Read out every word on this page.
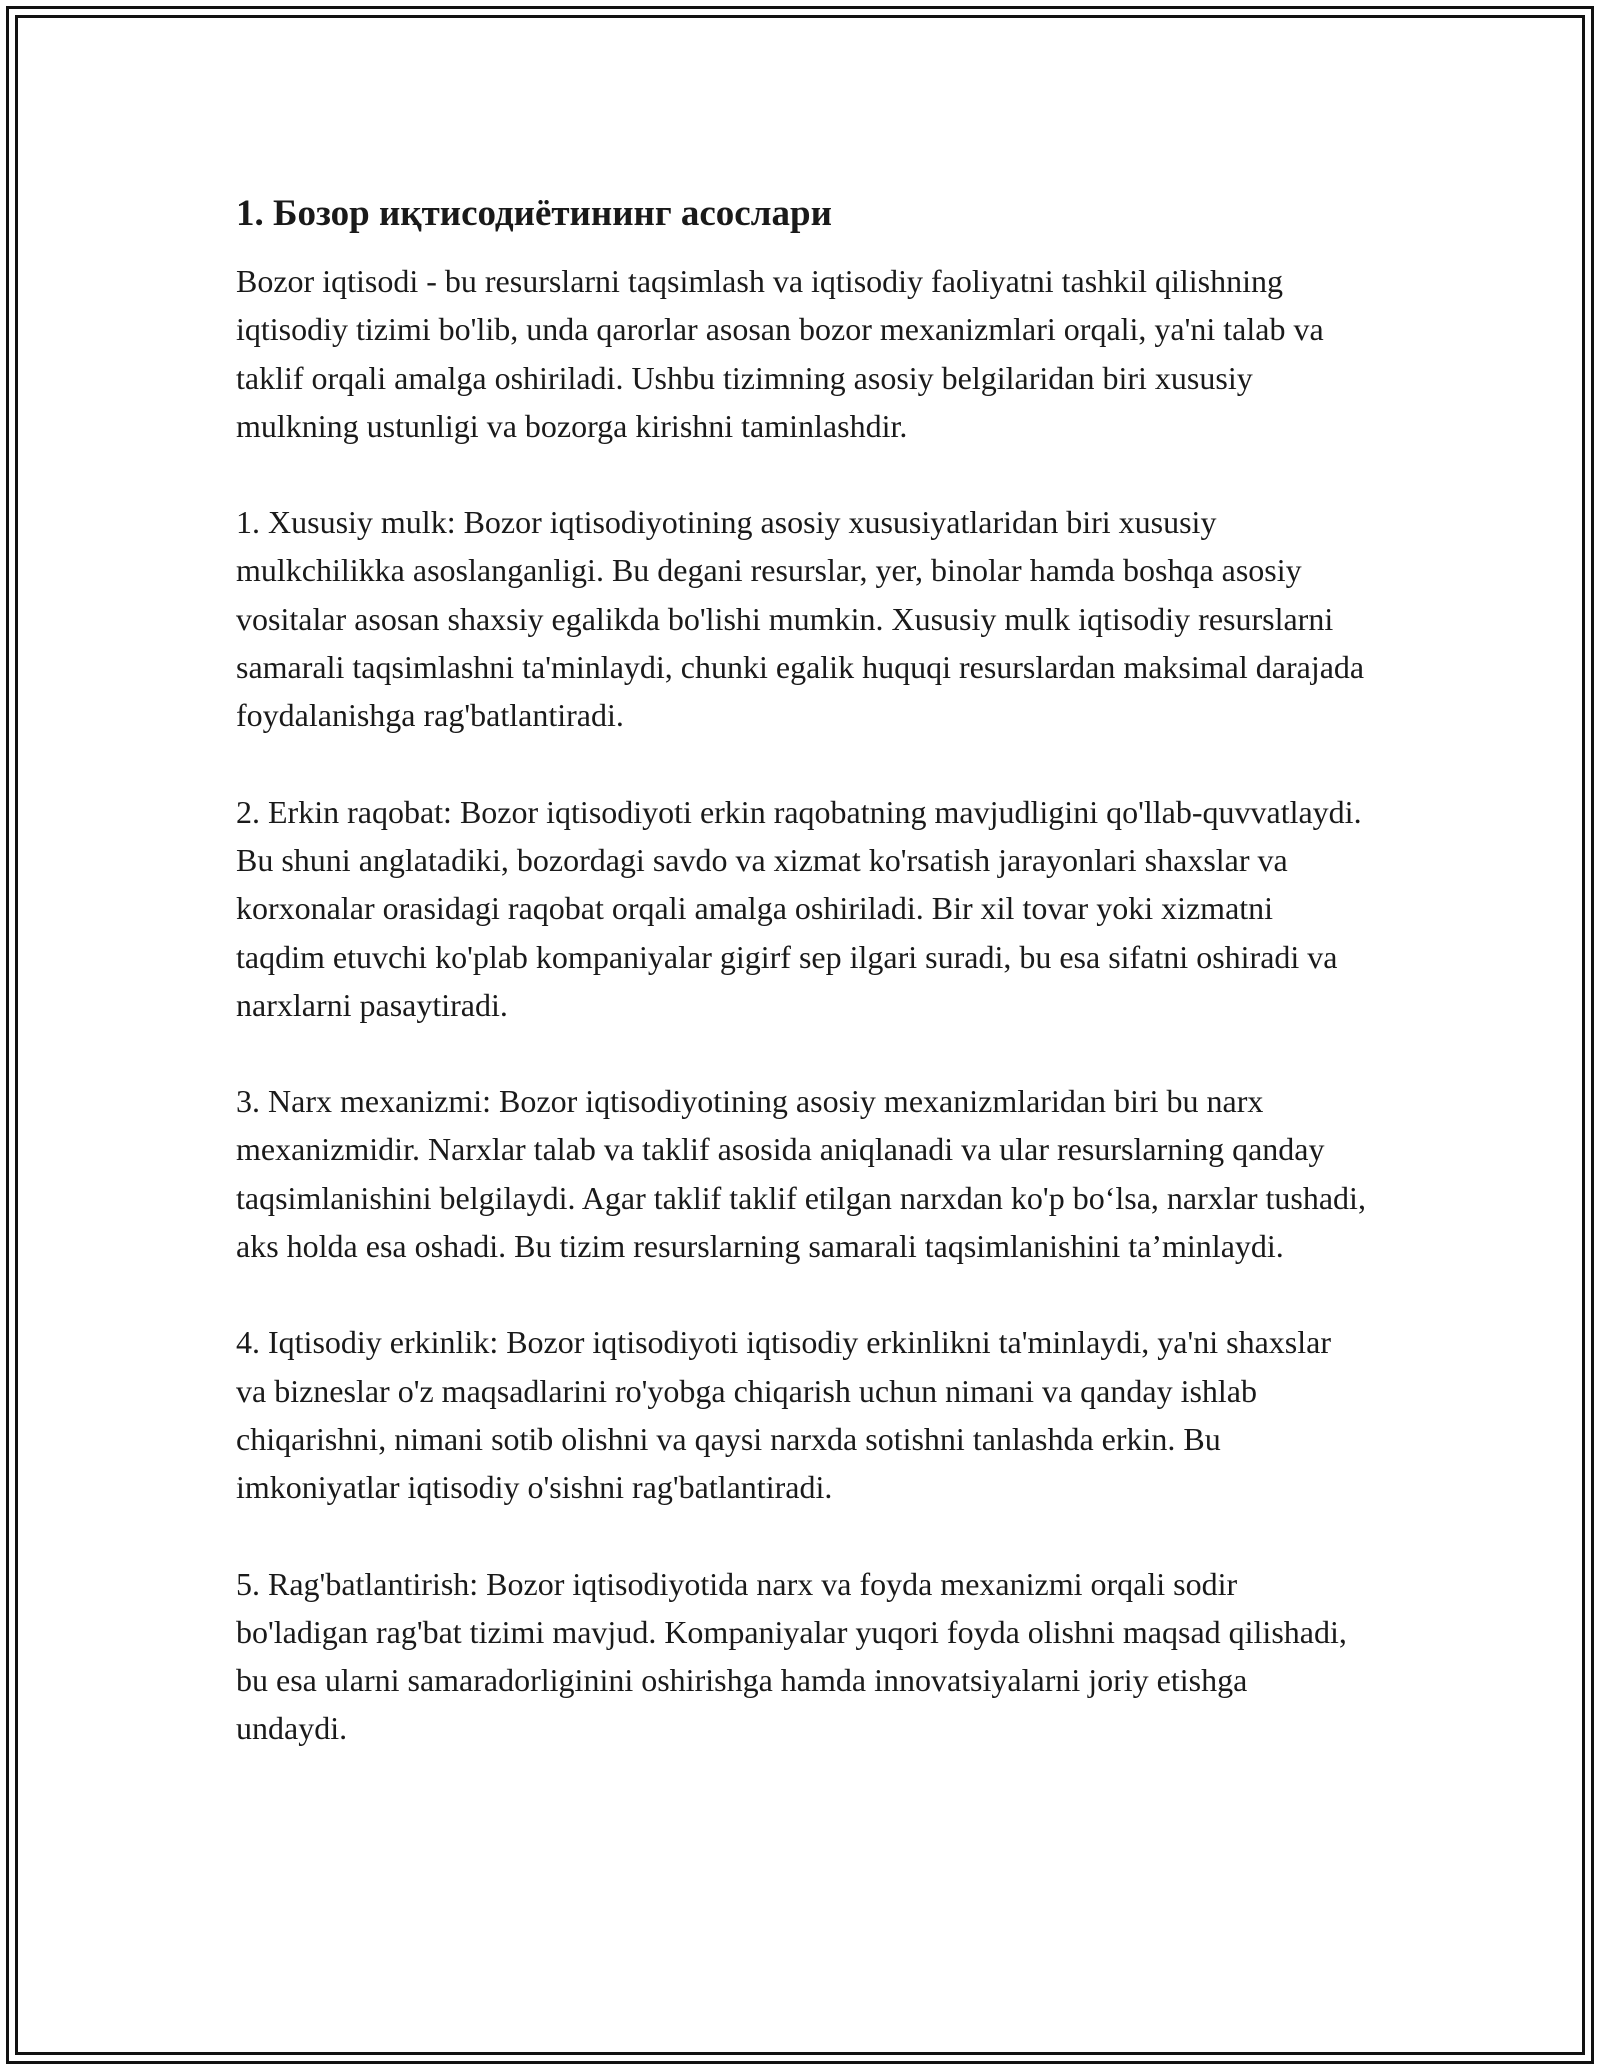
1. Бозор иқтисодиётининг асослари

Bozor iqtisodi - bu resurslarni taqsimlash va iqtisodiy faoliyatni tashkil qilishning iqtisodiy tizimi bo'lib, unda qarorlar asosan bozor mexanizmlari orqali, ya'ni talab va taklif orqali amalga oshiriladi. Ushbu tizimning asosiy belgilaridan biri xususiy mulkning ustunligi va bozorga kirishni taminlashdir.

1. Xususiy mulk: Bozor iqtisodiyotining asosiy xususiyatlaridan biri xususiy mulkchilikka asoslanganligi. Bu degani resurslar, yer, binolar hamda boshqa asosiy vositalar asosan shaxsiy egalikda bo'lishi mumkin. Xususiy mulk iqtisodiy resurslarni samarali taqsimlashni ta'minlaydi, chunki egalik huquqi resurslardan maksimal darajada foydalanishga rag'batlantiradi.

2. Erkin raqobat: Bozor iqtisodiyoti erkin raqobatning mavjudligini qo'llab-quvvatlaydi. Bu shuni anglatadiki, bozordagi savdo va xizmat ko'rsatish jarayonlari shaxslar va korxonalar orasidagi raqobat orqali amalga oshiriladi. Bir xil tovar yoki xizmatni taqdim etuvchi ko'plab kompaniyalar gigirf sep ilgari suradi, bu esa sifatni oshiradi va narxlarni pasaytiradi.

3. Narx mexanizmi: Bozor iqtisodiyotining asosiy mexanizmlaridan biri bu narx mexanizmidir. Narxlar talab va taklif asosida aniqlanadi va ular resurslarning qanday taqsimlanishini belgilaydi. Agar taklif taklif etilgan narxdan ko'p bo‘lsa, narxlar tushadi, aks holda esa oshadi. Bu tizim resurslarning samarali taqsimlanishini ta’minlaydi.

4. Iqtisodiy erkinlik: Bozor iqtisodiyoti iqtisodiy erkinlikni ta'minlaydi, ya'ni shaxslar va bizneslar o'z maqsadlarini ro'yobga chiqarish uchun nimani va qanday ishlab chiqarishni, nimani sotib olishni va qaysi narxda sotishni tanlashda erkin. Bu imkoniyatlar iqtisodiy o'sishni rag'batlantiradi.

5. Rag'batlantirish: Bozor iqtisodiyotida narx va foyda mexanizmi orqali sodir bo'ladigan rag'bat tizimi mavjud. Kompaniyalar yuqori foyda olishni maqsad qilishadi, bu esa ularni samaradorliginini oshirishga hamda innovatsiyalarni joriy etishga undaydi.
